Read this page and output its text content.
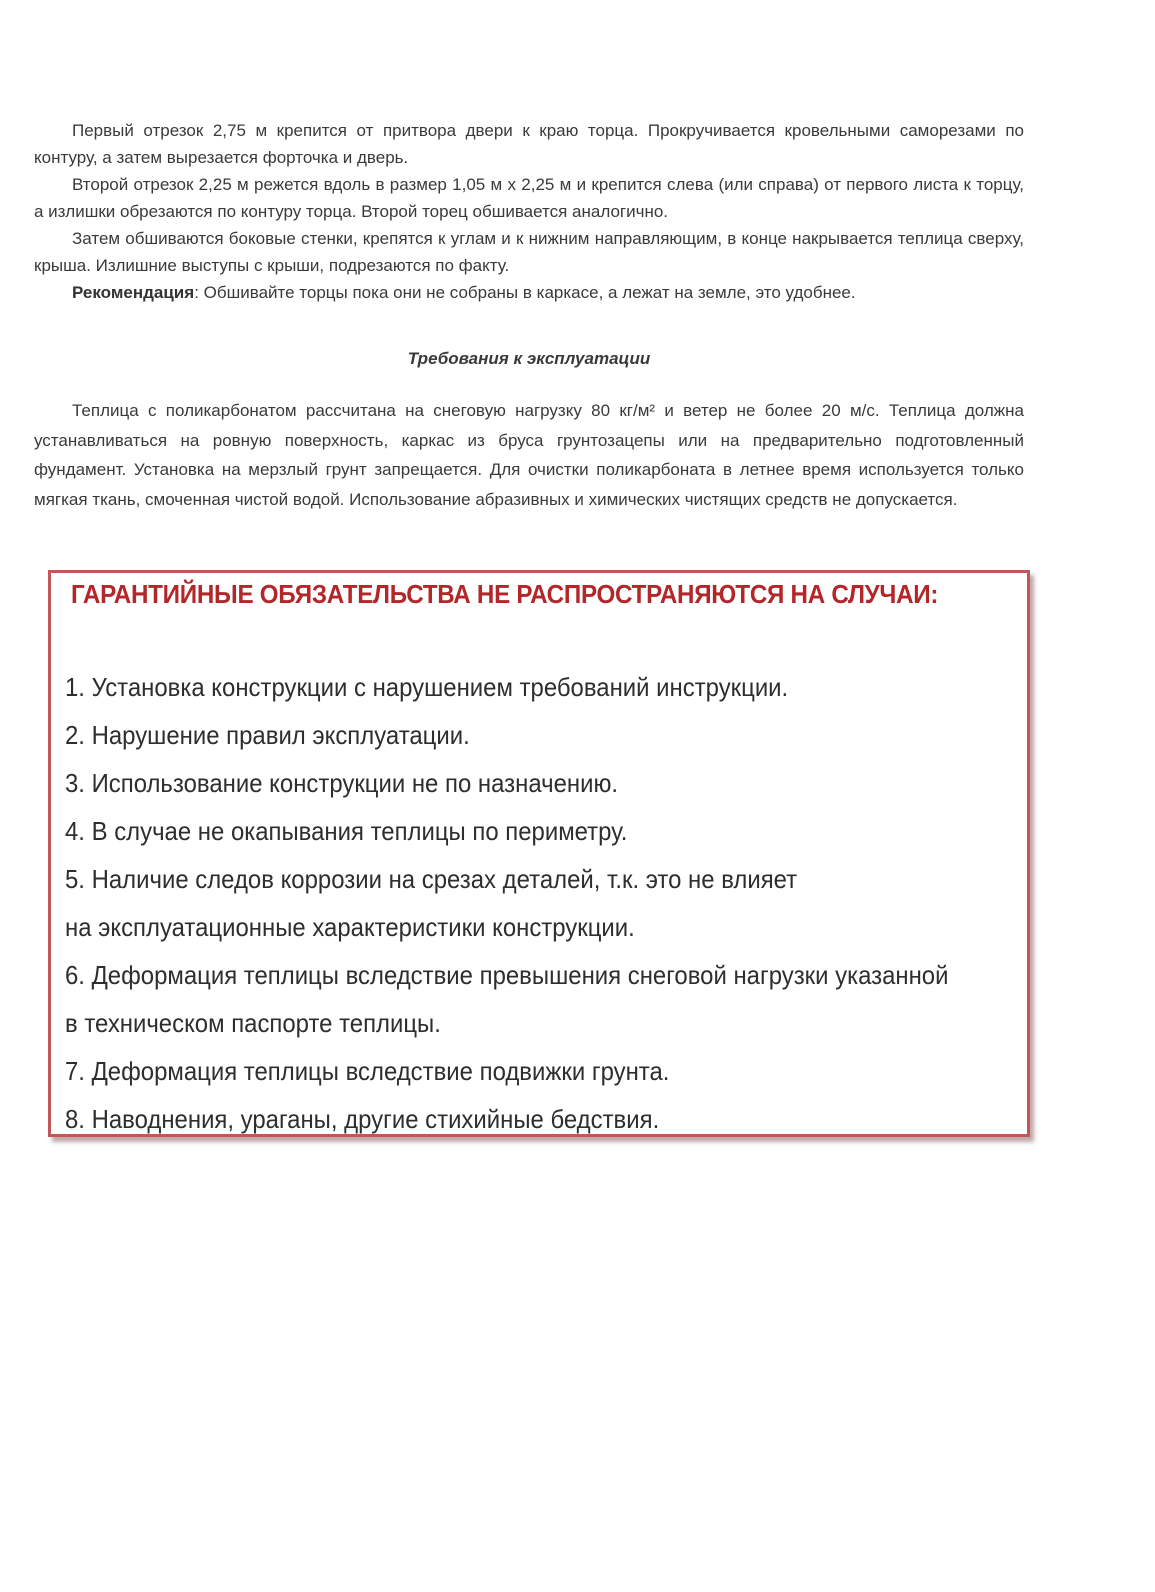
Первый отрезок 2,75 м крепится от притвора двери к краю торца. Прокручивается кровельными саморезами по контуру, а затем вырезается форточка и дверь.

Второй отрезок 2,25 м режется вдоль в размер 1,05 м х 2,25 м и крепится слева (или справа) от первого листа к торцу, а излишки обрезаются по контуру торца. Второй торец обшивается аналогично.

Затем обшиваются боковые стенки, крепятся к углам и к нижним направляющим, в конце накрывается теплица сверху, крыша. Излишние выступы с крыши, подрезаются по факту.

Рекомендация: Обшивайте торцы пока они не собраны в каркасе, а лежат на земле, это удобнее.

Требования к эксплуатации

Теплица с поликарбонатом рассчитана на снеговую нагрузку 80 кг/м² и ветер не более 20 м/с. Теплица должна устанавливаться на ровную поверхность, каркас из бруса грунтозацепы или на предварительно подготовленный фундамент. Установка на мерзлый грунт запрещается. Для очистки поликарбоната в летнее время используется только мягкая ткань, смоченная чистой водой. Использование абразивных и химических чистящих средств не допускается.

ГАРАНТИЙНЫЕ ОБЯЗАТЕЛЬСТВА НЕ РАСПРОСТРАНЯЮТСЯ НА СЛУЧАИ:
1. Установка конструкции с нарушением требований инструкции.
2. Нарушение правил эксплуатации.
3. Использование конструкции не по назначению.
4. В случае не окапывания теплицы по периметру.
5. Наличие следов коррозии на срезах деталей, т.к. это не влияет
на эксплуатационные характеристики конструкции.
6. Деформация теплицы вследствие превышения снеговой нагрузки указанной
в техническом паспорте теплицы.
7. Деформация теплицы вследствие подвижки грунта.
8. Наводнения, ураганы, другие стихийные бедствия.
